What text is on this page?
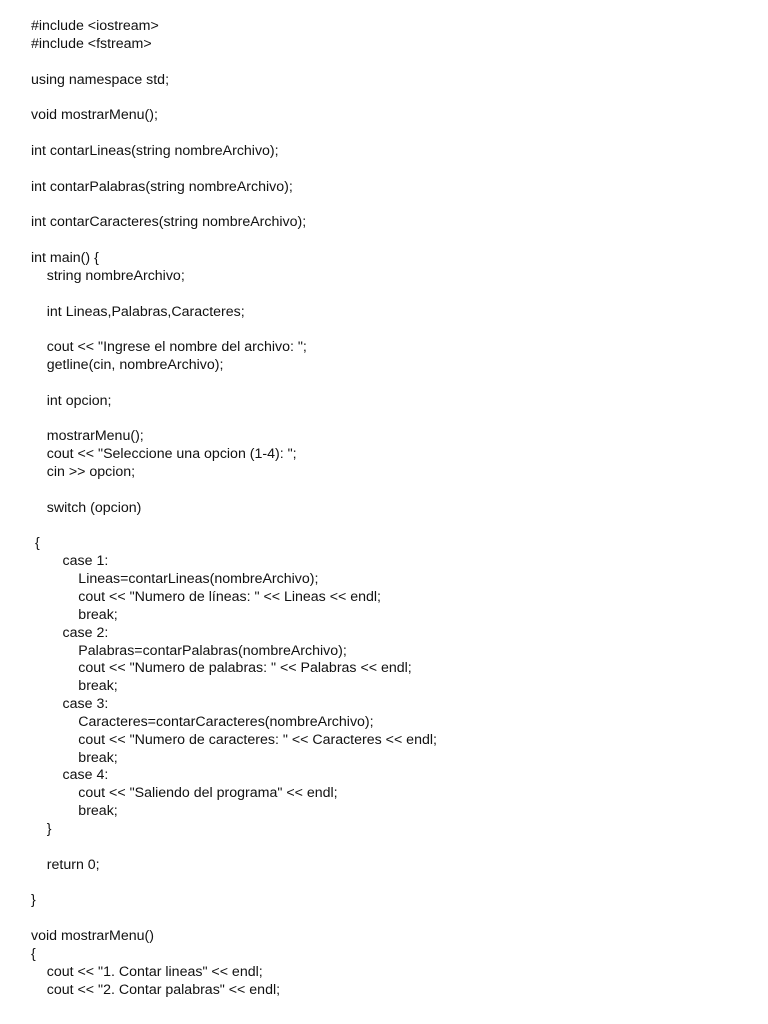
#include <iostream>
#include <fstream>
using namespace std;
void mostrarMenu();
int contarLineas(string nombreArchivo);
int contarPalabras(string nombreArchivo);
int contarCaracteres(string nombreArchivo);
int main() {
string nombreArchivo;
int Lineas,Palabras,Caracteres;
cout << "Ingrese el nombre del archivo: ";
getline(cin, nombreArchivo);
int opcion;
mostrarMenu();
cout << "Seleccione una opcion (1-4): ";
cin >> opcion;
switch (opcion)
{
case 1:
Lineas=contarLineas(nombreArchivo);
cout << "Numero de líneas: " << Lineas << endl;
break;
case 2:
Palabras=contarPalabras(nombreArchivo);
cout << "Numero de palabras: " << Palabras << endl;
break;
case 3:
Caracteres=contarCaracteres(nombreArchivo);
cout << "Numero de caracteres: " << Caracteres << endl;
break;
case 4:
cout << "Saliendo del programa" << endl;
break;
}
return 0;
}
void mostrarMenu()
{
cout << "1. Contar lineas" << endl;
cout << "2. Contar palabras" << endl;
